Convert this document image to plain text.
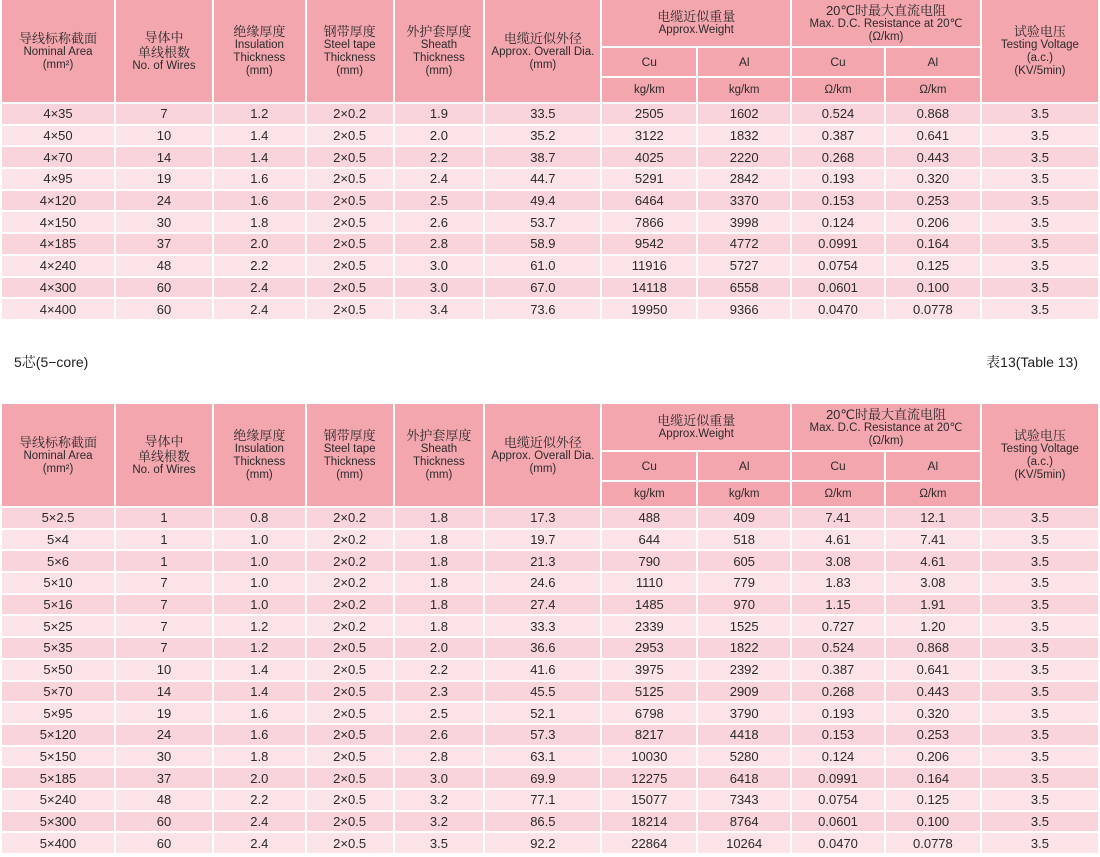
导线标称截面
Nominal Area
(mm²)	导体中
单线根数
No. of Wires	绝缘厚度
Insulation
Thickness
(mm)	钢带厚度
Steel tape
Thickness
(mm)	外护套厚度
Sheath
Thickness
(mm)	电缆近似外径
Approx. Overall Dia.
(mm)	电缆近似重量
Approx.Weight		20℃时最大直流电阻
Max. D.C. Resistance at 20℃
(Ω/km)		试验电压
Testing Voltage
(a.c.)
(KV/5min)

						Cu	Al	Cu	Al	
						kg/km	kg/km	Ω/km	Ω/km	
4×35	7	1.2	2×0.2	1.9	33.5	2505	1602	0.524	0.868	3.5
4×50	10	1.4	2×0.5	2.0	35.2	3122	1832	0.387	0.641	3.5
4×70	14	1.4	2×0.5	2.2	38.7	4025	2220	0.268	0.443	3.5
4×95	19	1.6	2×0.5	2.4	44.7	5291	2842	0.193	0.320	3.5
4×120	24	1.6	2×0.5	2.5	49.4	6464	3370	0.153	0.253	3.5
4×150	30	1.8	2×0.5	2.6	53.7	7866	3998	0.124	0.206	3.5
4×185	37	2.0	2×0.5	2.8	58.9	9542	4772	0.0991	0.164	3.5
4×240	48	2.2	2×0.5	3.0	61.0	11916	5727	0.0754	0.125	3.5
4×300	60	2.4	2×0.5	3.0	67.0	14118	6558	0.0601	0.100	3.5
4×400	60	2.4	2×0.5	3.4	73.6	19950	9366	0.0470	0.0778	3.5
5芯(5−core)	表13(Table 13)
导线标称截面
Nominal Area
(mm²)	导体中
单线根数
No. of Wires	绝缘厚度
Insulation
Thickness
(mm)	钢带厚度
Steel tape
Thickness
(mm)	外护套厚度
Sheath
Thickness
(mm)	电缆近似外径
Approx. Overall Dia.
(mm)	电缆近似重量
Approx.Weight		20℃时最大直流电阻
Max. D.C. Resistance at 20℃
(Ω/km)		试验电压
Testing Voltage
(a.c.)
(KV/5min)

						Cu	Al	Cu	Al	
						kg/km	kg/km	Ω/km	Ω/km	
5×2.5	1	0.8	2×0.2	1.8	17.3	488	409	7.41	12.1	3.5
5×4	1	1.0	2×0.2	1.8	19.7	644	518	4.61	7.41	3.5
5×6	1	1.0	2×0.2	1.8	21.3	790	605	3.08	4.61	3.5
5×10	7	1.0	2×0.2	1.8	24.6	1110	779	1.83	3.08	3.5
5×16	7	1.0	2×0.2	1.8	27.4	1485	970	1.15	1.91	3.5
5×25	7	1.2	2×0.2	1.8	33.3	2339	1525	0.727	1.20	3.5
5×35	7	1.2	2×0.5	2.0	36.6	2953	1822	0.524	0.868	3.5
5×50	10	1.4	2×0.5	2.2	41.6	3975	2392	0.387	0.641	3.5
5×70	14	1.4	2×0.5	2.3	45.5	5125	2909	0.268	0.443	3.5
5×95	19	1.6	2×0.5	2.5	52.1	6798	3790	0.193	0.320	3.5
5×120	24	1.6	2×0.5	2.6	57.3	8217	4418	0.153	0.253	3.5
5×150	30	1.8	2×0.5	2.8	63.1	10030	5280	0.124	0.206	3.5
5×185	37	2.0	2×0.5	3.0	69.9	12275	6418	0.0991	0.164	3.5
5×240	48	2.2	2×0.5	3.2	77.1	15077	7343	0.0754	0.125	3.5
5×300	60	2.4	2×0.5	3.2	86.5	18214	8764	0.0601	0.100	3.5
5×400	60	2.4	2×0.5	3.5	92.2	22864	10264	0.0470	0.0778	3.5
